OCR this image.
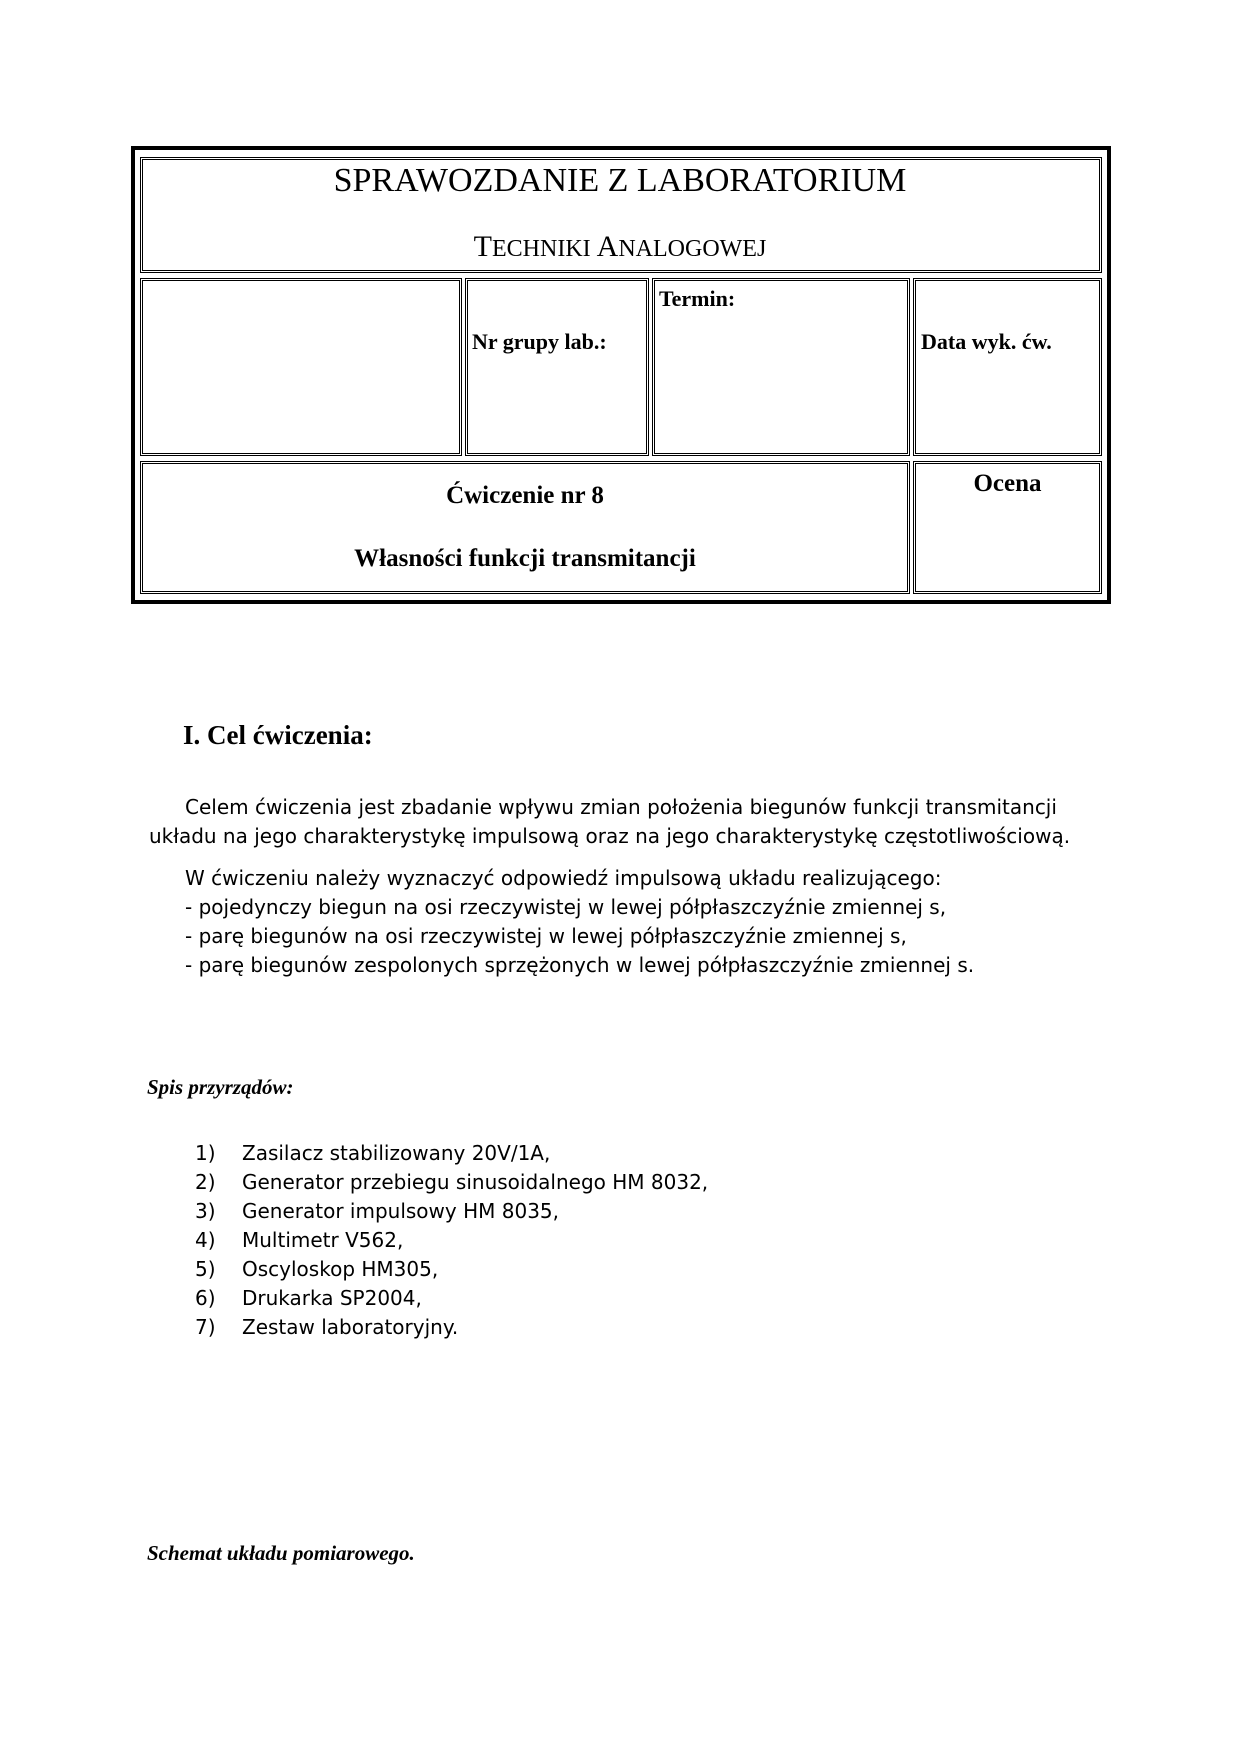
SPRAWOZDANIE Z LABORATORIUM
TECHNIKI ANALOGOWEJ
Nr grupy lab.:
Termin:
Data wyk. ćw.
Ćwiczenie nr 8
Własności funkcji transmitancji
Ocena
I. Cel ćwiczenia:
Celem ćwiczenia jest zbadanie wpływu zmian położenia biegunów funkcji transmitancji
układu na jego charakterystykę impulsową oraz na jego charakterystykę częstotliwościową.
W ćwiczeniu należy wyznaczyć odpowiedź impulsową układu realizującego:
- pojedynczy biegun na osi rzeczywistej w lewej półpłaszczyźnie zmiennej s,
- parę biegunów na osi rzeczywistej w lewej półpłaszczyźnie zmiennej s,
- parę biegunów zespolonych sprzężonych w lewej półpłaszczyźnie zmiennej s.
Spis przyrządów:
1) Zasilacz stabilizowany 20V/1A,
2) Generator przebiegu sinusoidalnego HM 8032,
3) Generator impulsowy HM 8035,
4) Multimetr V562,
5) Oscyloskop HM305,
6) Drukarka SP2004,
7) Zestaw laboratoryjny.
Schemat układu pomiarowego.
